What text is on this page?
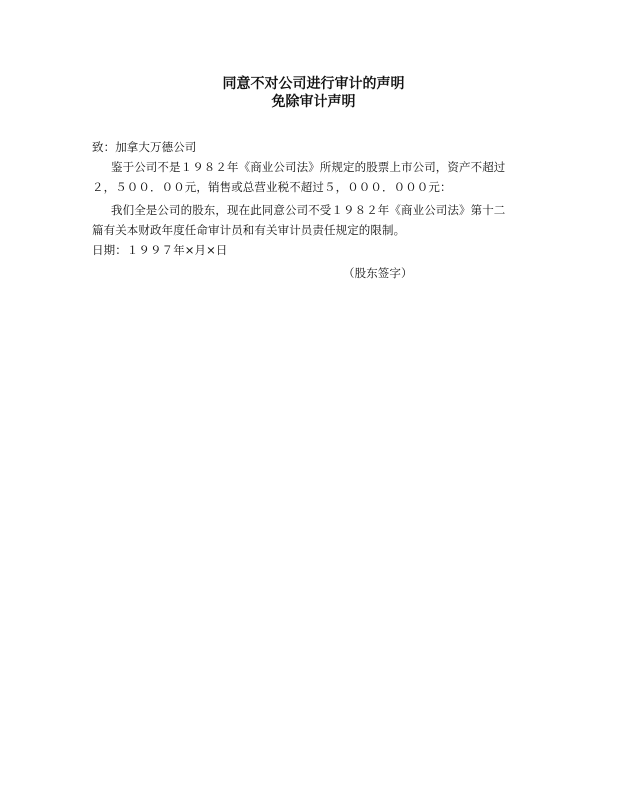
同意不对公司进行审计的声明
免除审计声明
致：加拿大万德公司
鉴于公司不是１９８２年《商业公司法》所规定的股票上市公司，资产不超过
２，５００．００元，销售或总营业税不超过５，０００．０００元：
我们全是公司的股东，现在此同意公司不受１９８２年《商业公司法》第十二
篇有关本财政年度任命审计员和有关审计员责任规定的限制。
日期：１９９７年×月×日
（股东签字）
